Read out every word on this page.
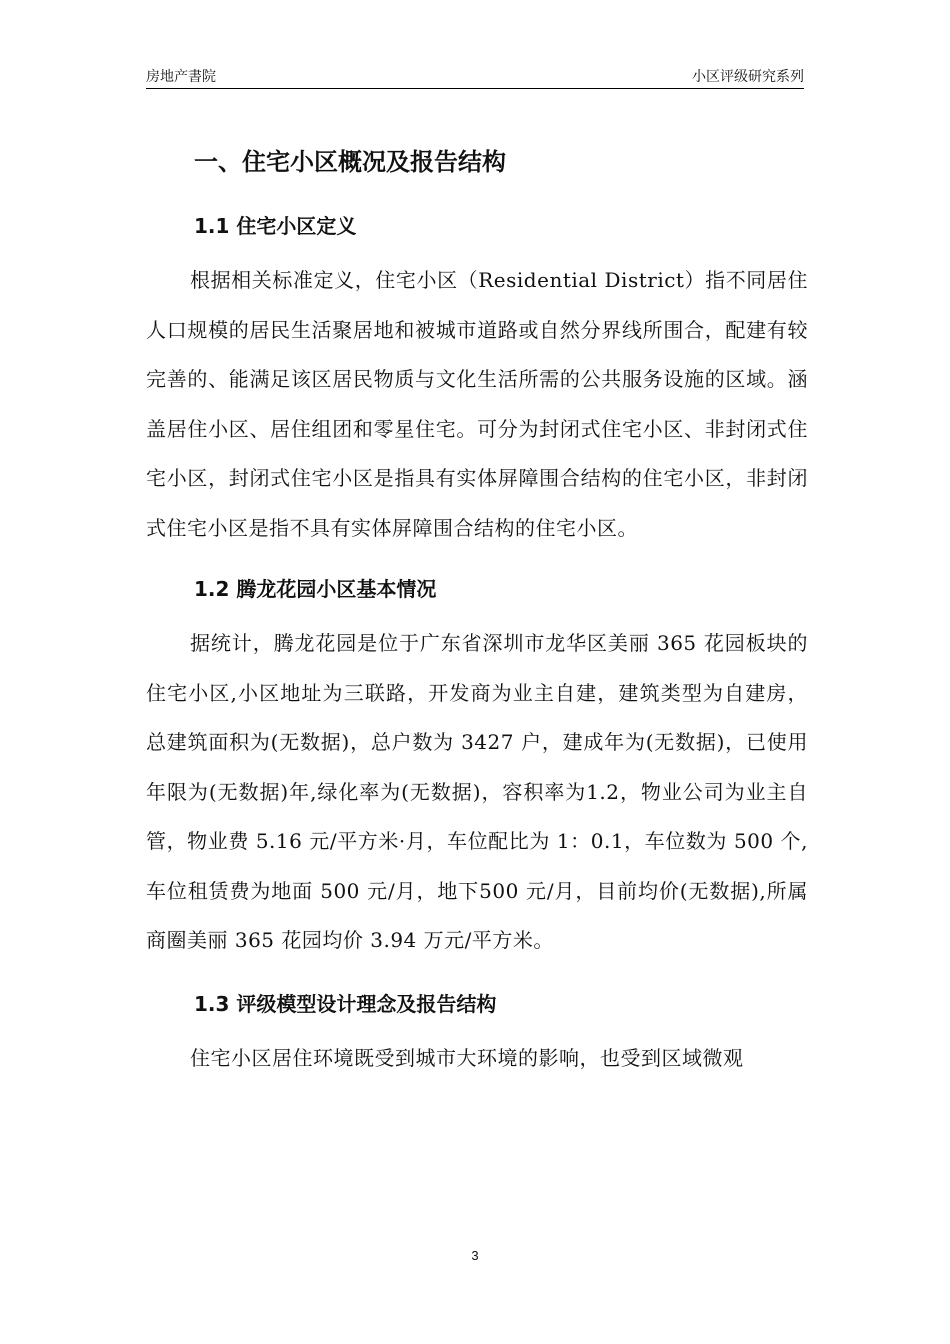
房地产書院	小区评级研究系列
一、住宅小区概况及报告结构
1.1 住宅小区定义

根据相关标准定义，住宅小区（Residential District）指不同居住人口规模的居民生活聚居地和被城市道路或自然分界线所围合，配建有较完善的、能满足该区居民物质与文化生活所需的公共服务设施的区域。涵盖居住小区、居住组团和零星住宅。可分为封闭式住宅小区、非封闭式住宅小区，封闭式住宅小区是指具有实体屏障围合结构的住宅小区，非封闭式住宅小区是指不具有实体屏障围合结构的住宅小区。

1.2 腾龙花园小区基本情况

据统计，腾龙花园是位于广东省深圳市龙华区美丽 365 花园板块的住宅小区,小区地址为三联路，开发商为业主自建，建筑类型为自建房，总建筑面积为(无数据)，总户数为 3427 户，建成年为(无数据)，已使用年限为(无数据)年,绿化率为(无数据)，容积率为1.2，物业公司为业主自管，物业费 5.16 元/平方米·月，车位配比为 1：0.1，车位数为 500 个,车位租赁费为地面 500 元/月，地下500 元/月，目前均价(无数据),所属商圈美丽 365 花园均价 3.94 万元/平方米。

1.3 评级模型设计理念及报告结构

住宅小区居住环境既受到城市大环境的影响，也受到区域微观

3
